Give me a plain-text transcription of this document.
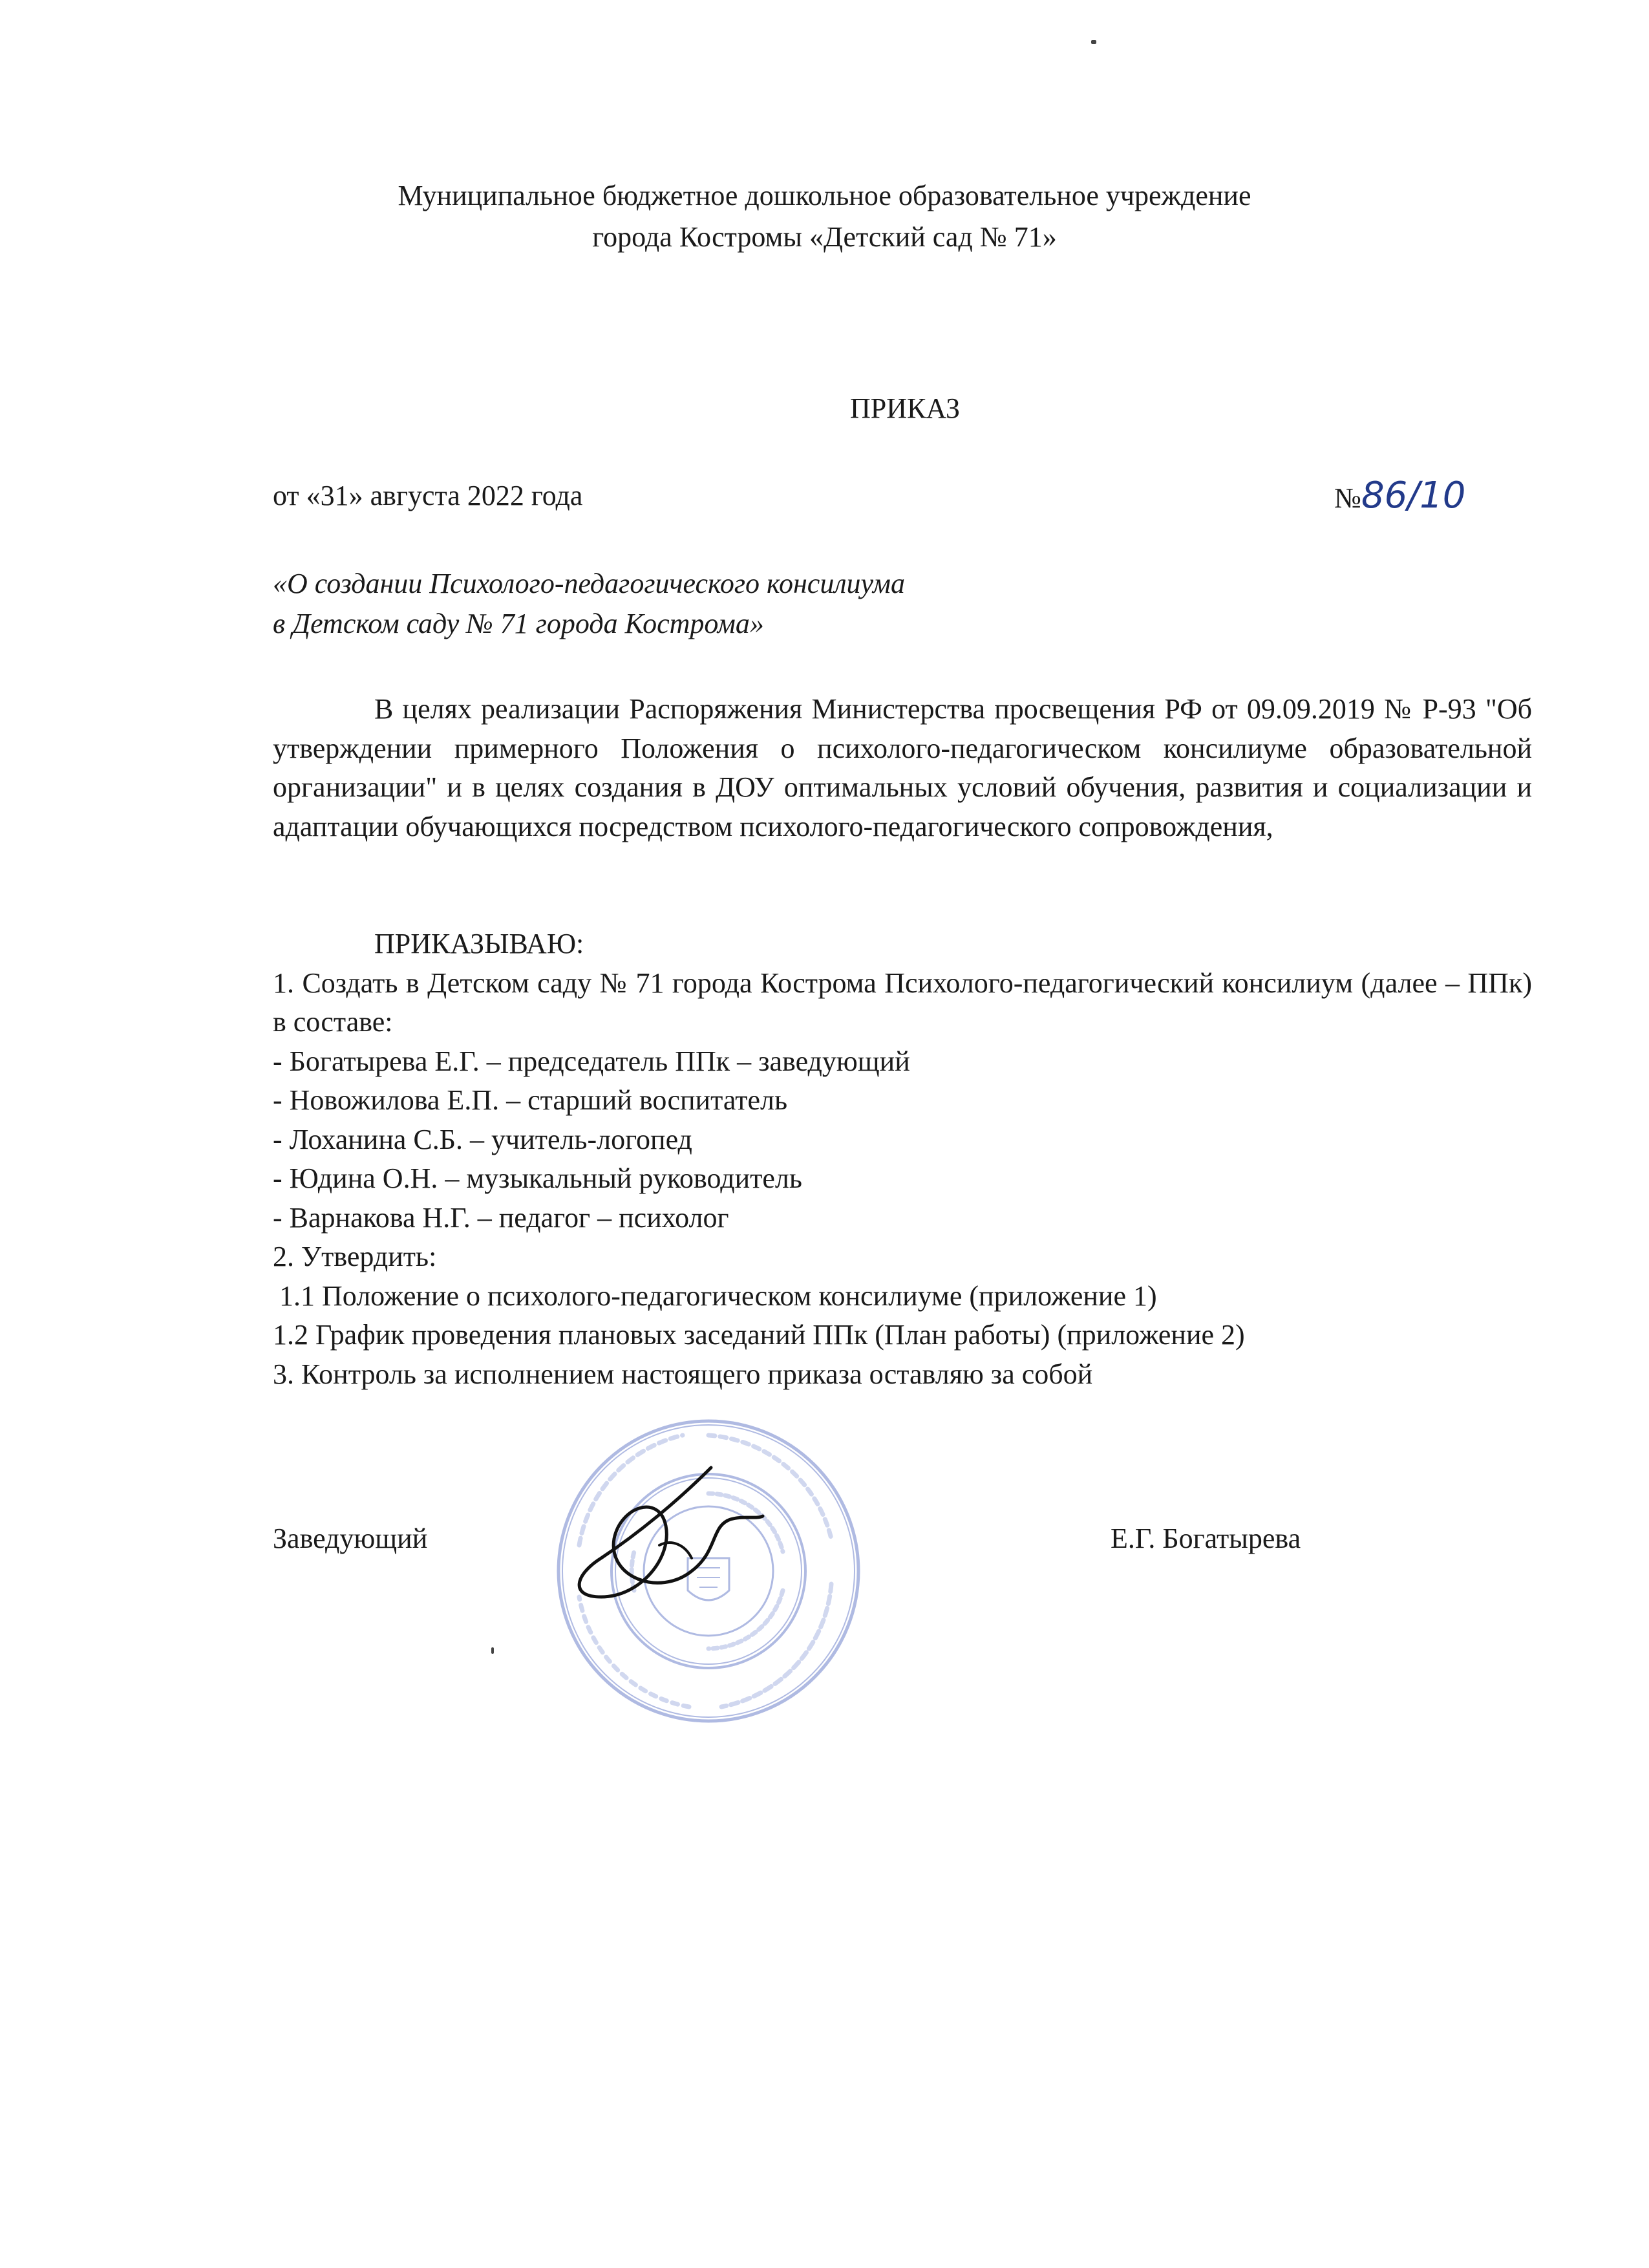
Муниципальное бюджетное дошкольное образовательное учреждение
города Костромы «Детский сад № 71»
ПРИКАЗ
от «31» августа 2022 года	№86/10
«О создании Психолого-педагогического консилиума
в Детском саду № 71 города Кострома»
В целях реализации Распоряжения Министерства просвещения РФ от 09.09.2019 № Р-93 "Об утверждении примерного Положения о психолого-педагогическом консилиуме образовательной организации" и в целях создания в ДОУ оптимальных условий обучения, развития и социализации и адаптации обучающихся посредством психолого-педагогического сопровождения,
ПРИКАЗЫВАЮ:
1. Создать в Детском саду № 71 города Кострома Психолого-педагогический консилиум (далее – ППк) в составе:
- Богатырева Е.Г. – председатель ППк – заведующий
- Новожилова Е.П. – старший воспитатель
- Лоханина С.Б. – учитель-логопед
- Юдина О.Н. – музыкальный руководитель
- Варнакова Н.Г. – педагог – психолог
2. Утвердить:
1.1 Положение о психолого-педагогическом консилиуме (приложение 1)
1.2 График проведения плановых заседаний ППк (План работы) (приложение 2)
3. Контроль за исполнением настоящего приказа оставляю за собой
Заведующий	Е.Г. Богатырева
